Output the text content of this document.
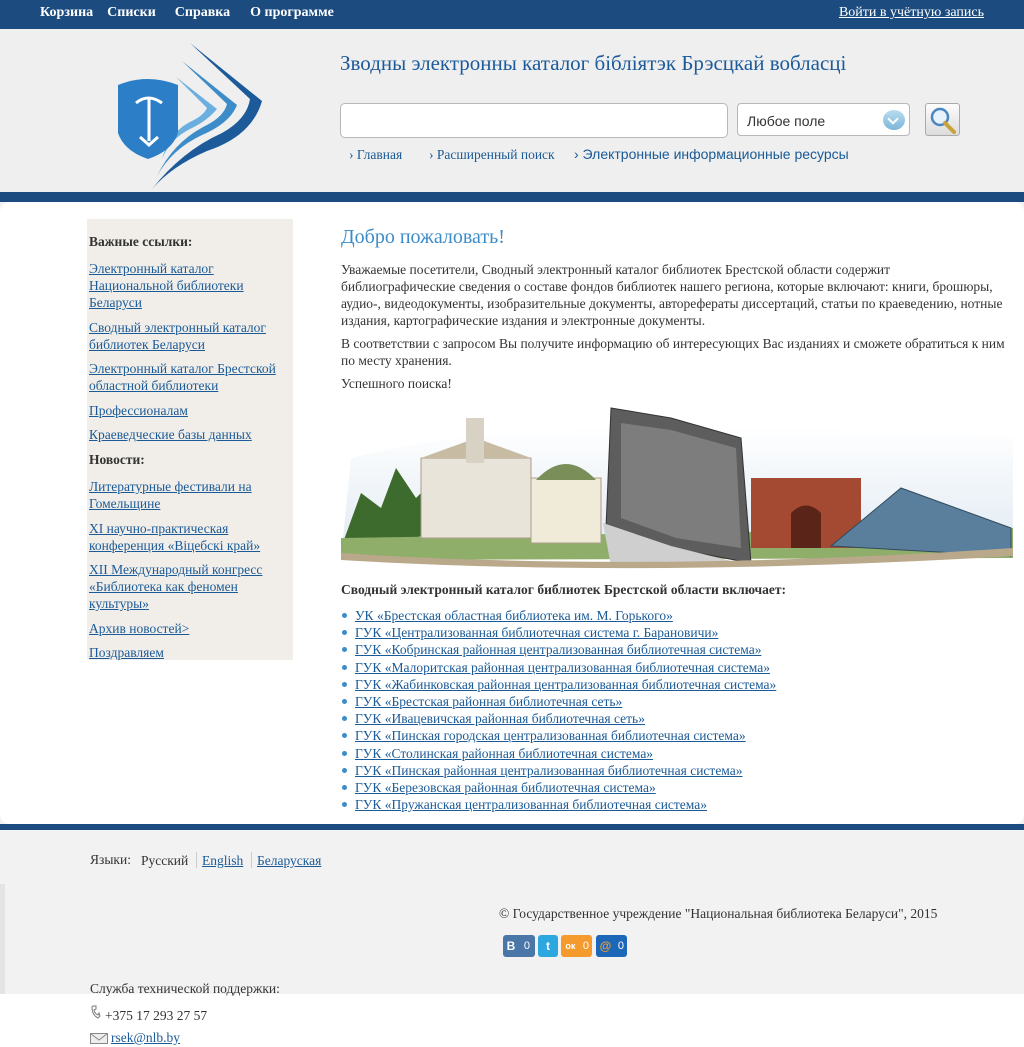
Корзина Списки Справка О программе	Войти в учётную запись
Зводны электронны каталог бібліятэк Брэсцкай вобласці
Любое поле
› Главная › Расширенный поиск › Электронные информационные ресурсы
Важные ссылки:
Электронный каталог Национальной библиотеки Беларуси
Сводный электронный каталог библиотек Беларуси
Электронный каталог Брестской областной библиотеки
Профессионалам
Краеведческие базы данных
Новости:
Литературные фестивали на Гомельщине
XI научно-практическая конференция «Віцебскі край»
XII Международный конгресс «Библиотека как феномен культуры»
Архив новостей>
Поздравляем
Добро пожаловать!

Уважаемые посетители, Сводный электронный каталог библиотек Брестской области содержит библиографические сведения о составе фондов библиотек нашего региона, которые включают: книги, брошюры, аудио-, видеодокументы, изобразительные документы, авторефераты диссертаций, статьи по краеведению, нотные издания, картографические издания и электронные документы.

В соответствии с запросом Вы получите информацию об интересующих Вас изданиях и сможете обратиться к ним по месту хранения.

Успешного поиска!

Сводный электронный каталог библиотек Брестской области включает:
УК «Брестская областная библиотека им. М. Горького»
ГУК «Централизованная библиотечная система г. Барановичи»
ГУК «Кобринская районная централизованная библиотечная система»
ГУК «Малоритская районная централизованная библиотечная система»
ГУК «Жабинковская районная централизованная библиотечная система»
ГУК «Брестская районная библиотечная сеть»
ГУК «Ивацевичская районная библиотечная сеть»
ГУК «Пинская городская централизованная библиотечная система»
ГУК «Столинская районная библиотечная система»
ГУК «Пинская районная централизованная библиотечная система»
ГУК «Березовская районная библиотечная система»
ГУК «Пружанская централизованная библиотечная система»
Языки: Русский English Беларуская
© Государственное учреждение "Национальная библиотека Беларуси", 2015
В 0	t	ок 0 @ 0
Служба технической поддержки:
+375 17 293 27 57
rsek@nlb.by
